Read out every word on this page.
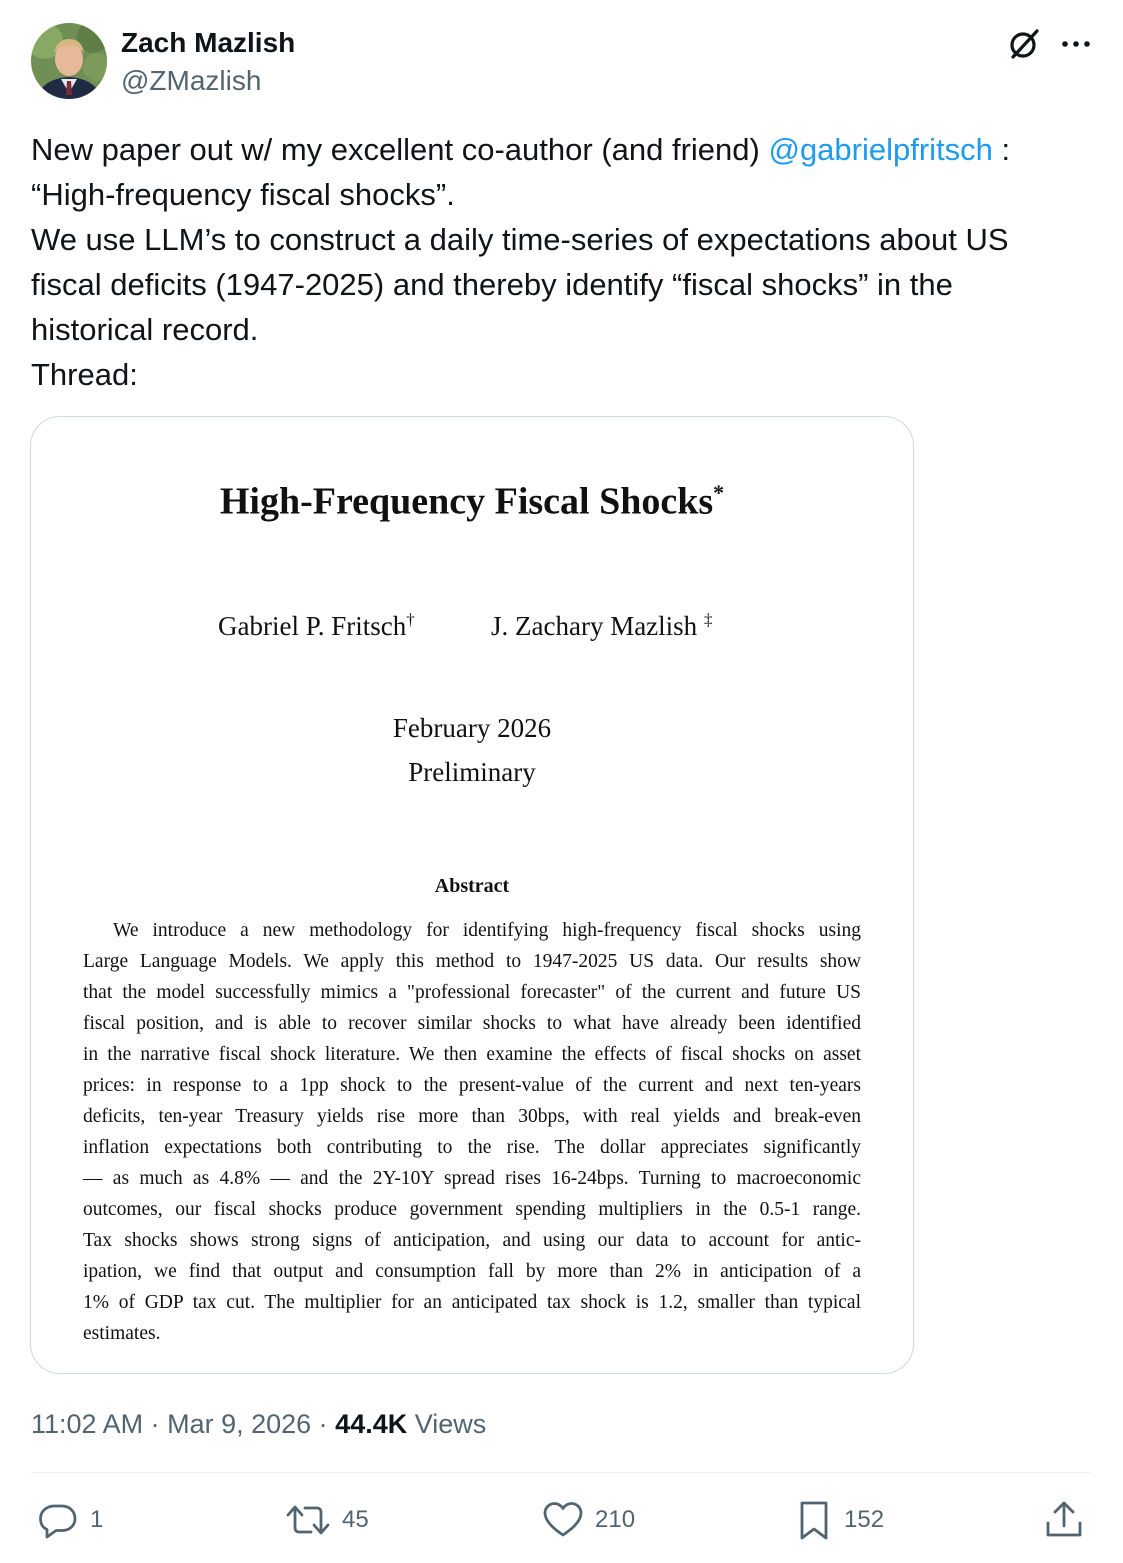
Zach Mazlish
@ZMazlish
New paper out w/ my excellent co-author (and friend) @gabrielpfritsch :
“High-frequency fiscal shocks”.
We use LLM’s to construct a daily time-series of expectations about US
fiscal deficits (1947-2025) and thereby identify “fiscal shocks” in the
historical record.
Thread:
High-Frequency Fiscal Shocks*
Gabriel P. Fritsch†	J. Zachary Mazlish ‡
February 2026
Preliminary
Abstract
We introduce a new methodology for identifying high-frequency fiscal shocks using
Large Language Models. We apply this method to 1947-2025 US data. Our results show
that the model successfully mimics a "professional forecaster" of the current and future US
fiscal position, and is able to recover similar shocks to what have already been identified
in the narrative fiscal shock literature. We then examine the effects of fiscal shocks on asset
prices: in response to a 1pp shock to the present-value of the current and next ten-years
deficits, ten-year Treasury yields rise more than 30bps, with real yields and break-even
inflation expectations both contributing to the rise. The dollar appreciates significantly
— as much as 4.8% — and the 2Y-10Y spread rises 16-24bps. Turning to macroeconomic
outcomes, our fiscal shocks produce government spending multipliers in the 0.5-1 range.
Tax shocks shows strong signs of anticipation, and using our data to account for antic-
ipation, we find that output and consumption fall by more than 2% in anticipation of a
1% of GDP tax cut. The multiplier for an anticipated tax shock is 1.2, smaller than typical
estimates.
11:02 AM · Mar 9, 2026 · 44.4K Views
1	45	210	152
